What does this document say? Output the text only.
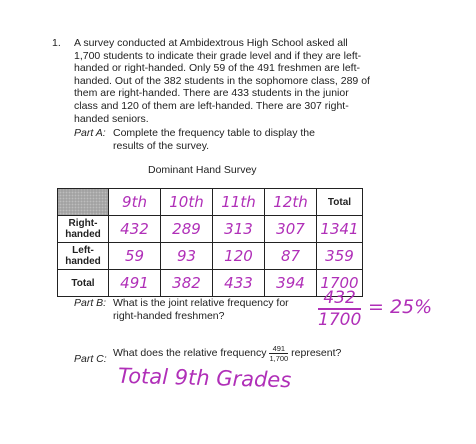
1. A survey conducted at Ambidextrous High School asked all 1,700 students to indicate their grade level and if they are left-handed or right-handed. Only 59 of the 491 freshmen are left-handed. Out of the 382 students in the sophomore class, 289 of them are right-handed. There are 433 students in the junior class and 120 of them are left-handed. There are 307 right-handed seniors.
Part A: Complete the frequency table to display the results of the survey.
Dominant Hand Survey
	9th	10th	11th	12th	Total
Right-handed	432	289	313	307	1341
Left-handed	59	93	120	87	359
Total	491	382	433	394	1700
Part B: What is the joint relative frequency for right-handed freshmen?	$\frac{432}{1700} = 25\%$
Part C: What does the relative frequency $\frac{491}{1,700}$ represent?
Total 9th Grades
